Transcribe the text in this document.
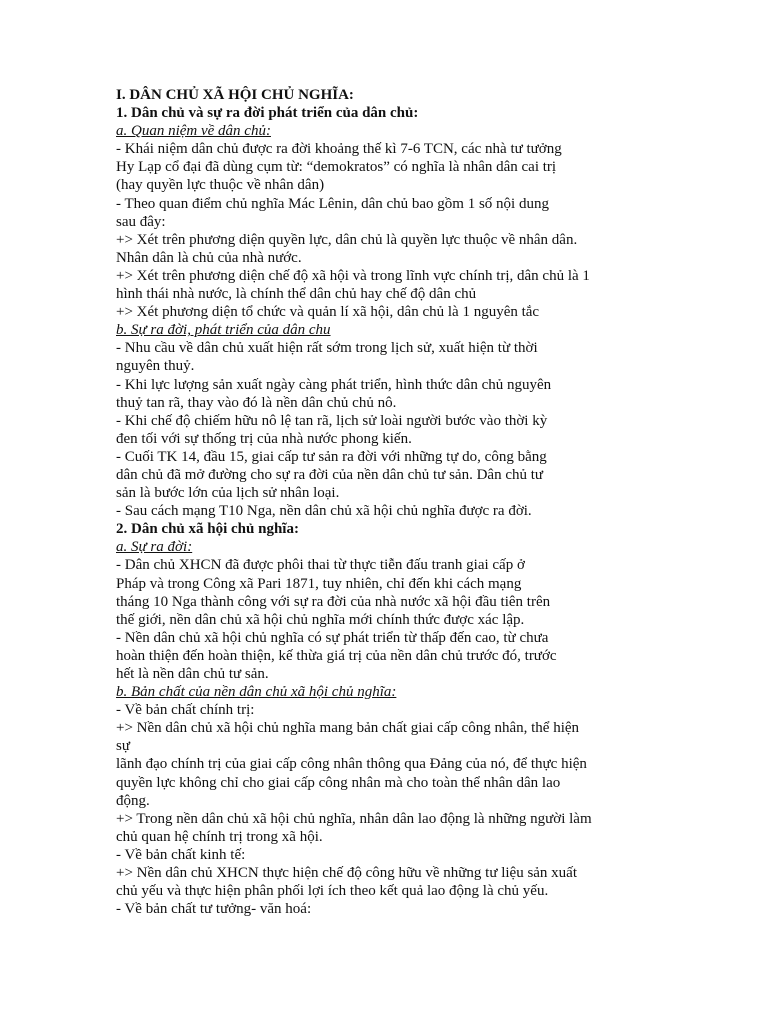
I. DÂN CHỦ XÃ HỘI CHỦ NGHĨA:
1. Dân chủ và sự ra đời phát triển của dân chủ:
a. Quan niệm về dân chủ:
- Khái niệm dân chủ được ra đời khoảng thế kì 7-6 TCN, các nhà tư tưởng
Hy Lạp cổ đại đã dùng cụm từ: “demokratos” có nghĩa là nhân dân cai trị
(hay quyền lực thuộc về nhân dân)
- Theo quan điểm chủ nghĩa Mác Lênin, dân chủ bao gồm 1 số nội dung
sau đây:
+> Xét trên phương diện quyền lực, dân chủ là quyền lực thuộc về nhân dân.
Nhân dân là chủ của nhà nước.
+> Xét trên phương diện chế độ xã hội và trong lĩnh vực chính trị, dân chủ là 1
hình thái nhà nước, là chính thể dân chủ hay chế độ dân chủ
+> Xét phương diện tổ chức và quản lí xã hội, dân chủ là 1 nguyên tắc
b. Sự ra đời, phát triển của dân chu
- Nhu cầu về dân chủ xuất hiện rất sớm trong lịch sử, xuất hiện từ thời
nguyên thuỷ.
- Khi lực lượng sản xuất ngày càng phát triển, hình thức dân chủ nguyên
thuỷ tan rã, thay vào đó là nền dân chủ chủ nô.
- Khi chế độ chiếm hữu nô lệ tan rã, lịch sử loài người bước vào thời kỳ
đen tối với sự thống trị của nhà nước phong kiến.
- Cuối TK 14, đầu 15, giai cấp tư sản ra đời với những tự do, công bằng
dân chủ đã mở đường cho sự ra đời của nền dân chủ tư sản. Dân chủ tư
sản là bước lớn của lịch sử nhân loại.
- Sau cách mạng T10 Nga, nền dân chủ xã hội chủ nghĩa được ra đời.
2. Dân chủ xã hội chủ nghĩa:
a. Sự ra đời:
- Dân chủ XHCN đã được phôi thai từ thực tiễn đấu tranh giai cấp ở
Pháp và trong Công xã Pari 1871, tuy nhiên, chỉ đến khi cách mạng
tháng 10 Nga thành công với sự ra đời của nhà nước xã hội đầu tiên trên
thế giới, nền dân chủ xã hội chủ nghĩa mới chính thức được xác lập.
- Nền dân chủ xã hội chủ nghĩa có sự phát triển từ thấp đến cao, từ chưa
hoàn thiện đến hoàn thiện, kế thừa giá trị của nền dân chủ trước đó, trước
hết là nền dân chủ tư sản.
b. Bản chất của nền dân chủ xã hội chủ nghĩa:
- Về bản chất chính trị:
+> Nền dân chủ xã hội chủ nghĩa mang bản chất giai cấp công nhân, thể hiện
sự
lãnh đạo chính trị của giai cấp công nhân thông qua Đảng của nó, để thực hiện
quyền lực không chỉ cho giai cấp công nhân mà cho toàn thể nhân dân lao
động.
+> Trong nền dân chủ xã hội chủ nghĩa, nhân dân lao động là những người làm
chủ quan hệ chính trị trong xã hội.
- Về bản chất kinh tế:
+> Nền dân chủ XHCN thực hiện chế độ công hữu về những tư liệu sản xuất
chủ yếu và thực hiện phân phối lợi ích theo kết quả lao động là chủ yếu.
- Về bản chất tư tưởng- văn hoá:
